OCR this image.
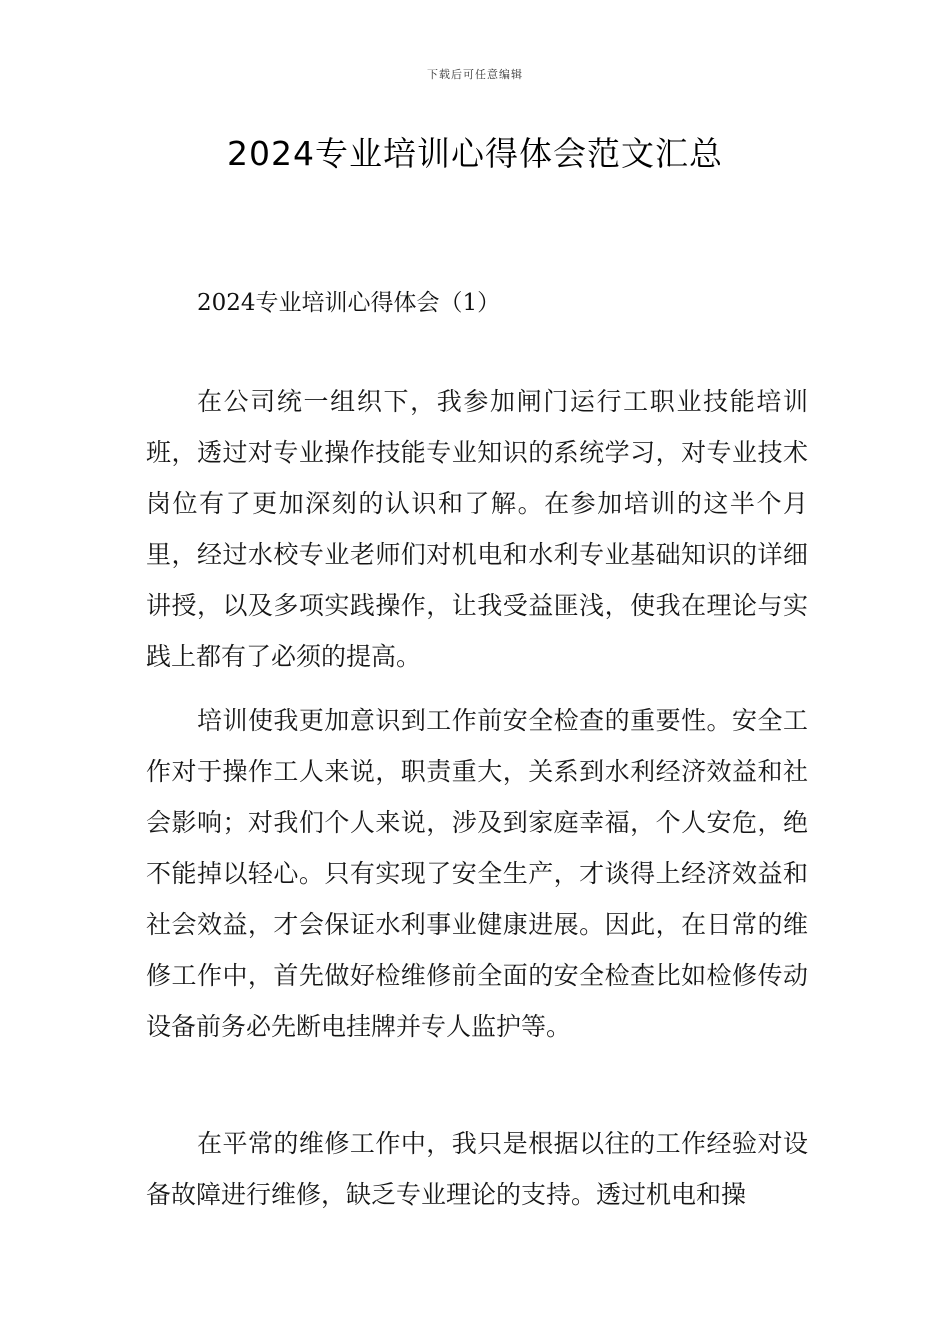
下载后可任意编辑
2024专业培训心得体会范文汇总
2024专业培训心得体会（1）

在公司统一组织下，我参加闸门运行工职业技能培训班，透过对专业操作技能专业知识的系统学习，对专业技术岗位有了更加深刻的认识和了解。在参加培训的这半个月里，经过水校专业老师们对机电和水利专业基础知识的详细讲授，以及多项实践操作，让我受益匪浅，使我在理论与实践上都有了必须的提高。

培训使我更加意识到工作前安全检查的重要性。安全工作对于操作工人来说，职责重大，关系到水利经济效益和社会影响；对我们个人来说，涉及到家庭幸福，个人安危，绝不能掉以轻心。只有实现了安全生产，才谈得上经济效益和社会效益，才会保证水利事业健康进展。因此，在日常的维修工作中，首先做好检维修前全面的安全检查比如检修传动设备前务必先断电挂牌并专人监护等。

在平常的维修工作中，我只是根据以往的工作经验对设备故障进行维修，缺乏专业理论的支持。透过机电和操
